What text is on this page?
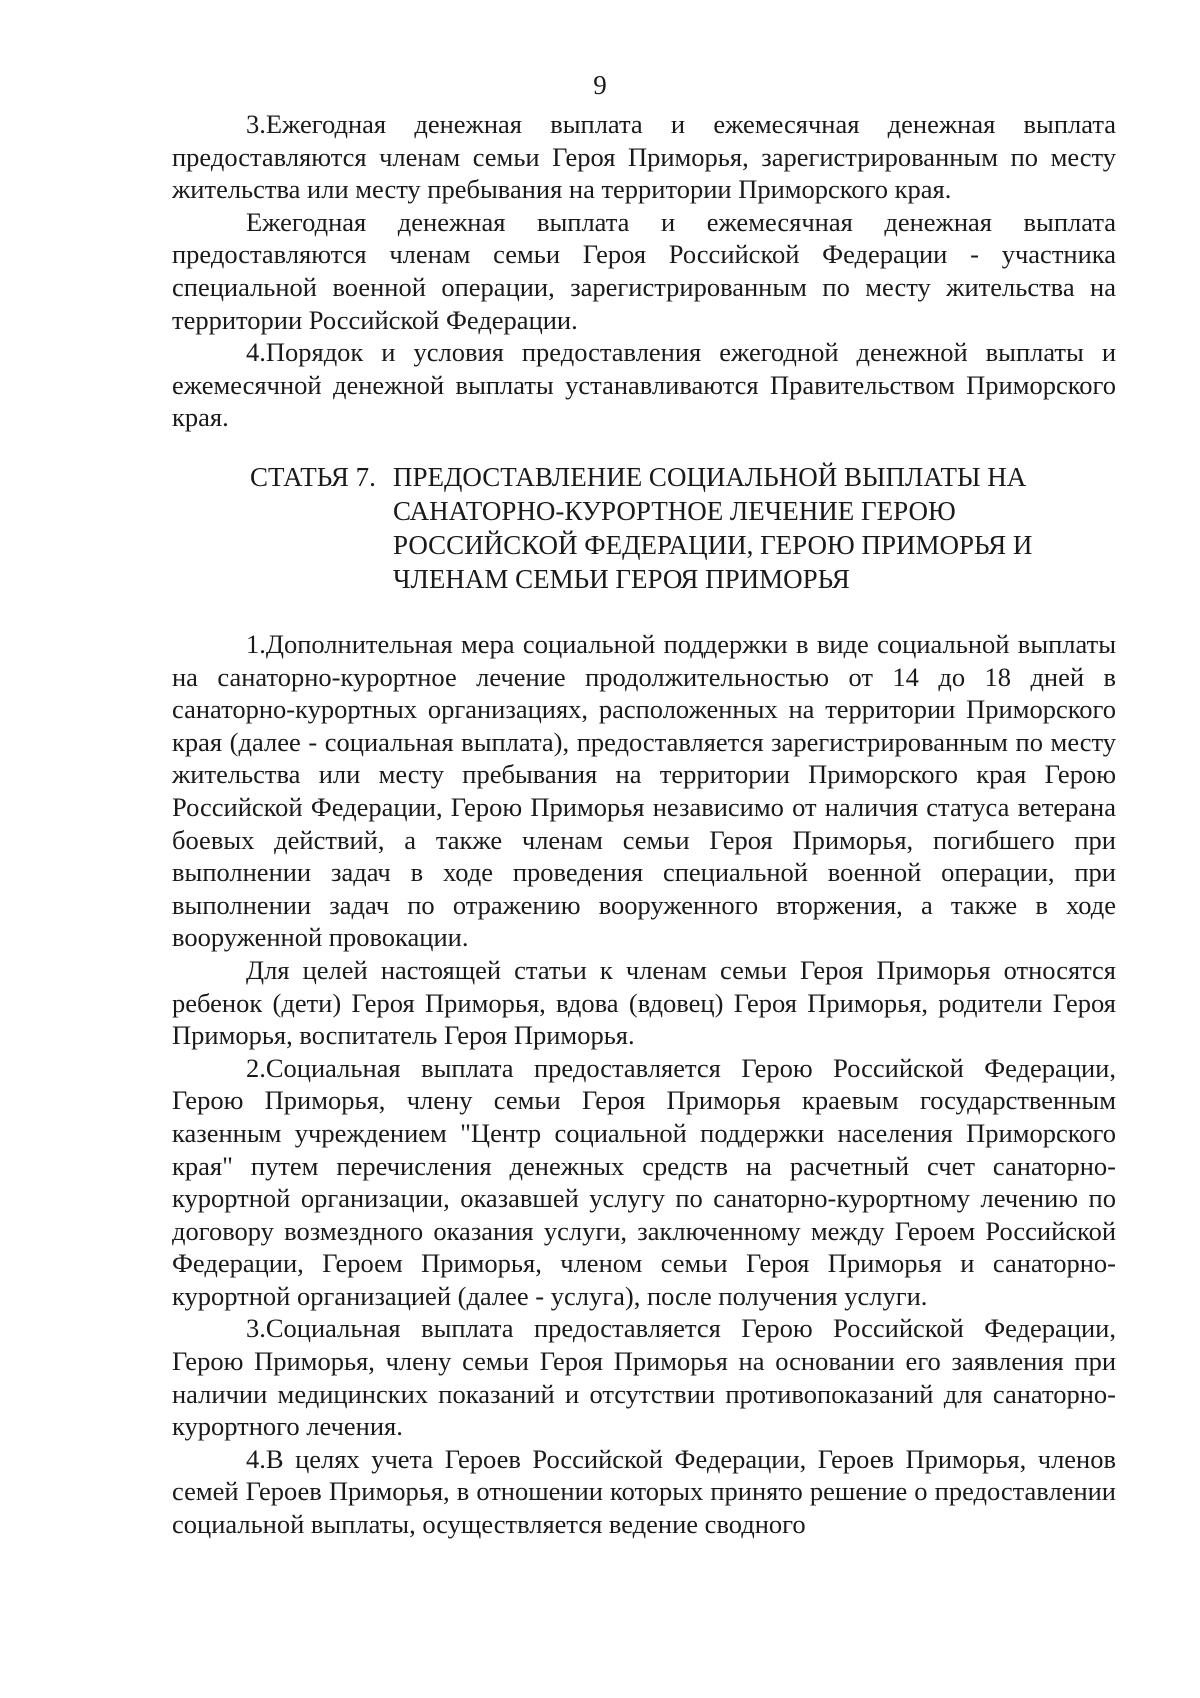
9

3.Ежегодная денежная выплата и ежемесячная денежная выплата предоставляются членам семьи Героя Приморья, зарегистрированным по месту жительства или месту пребывания на территории Приморского края.

Ежегодная денежная выплата и ежемесячная денежная выплата предоставляются членам семьи Героя Российской Федерации - участника специальной военной операции, зарегистрированным по месту жительства на территории Российской Федерации.

4.Порядок и условия предоставления ежегодной денежной выплаты и ежемесячной денежной выплаты устанавливаются Правительством Приморского края.

СТАТЬЯ 7. ПРЕДОСТАВЛЕНИЕ СОЦИАЛЬНОЙ ВЫПЛАТЫ НА
САНАТОРНО-КУРОРТНОЕ ЛЕЧЕНИЕ ГЕРОЮ
РОССИЙСКОЙ ФЕДЕРАЦИИ, ГЕРОЮ ПРИМОРЬЯ И
ЧЛЕНАМ СЕМЬИ ГЕРОЯ ПРИМОРЬЯ

1.Дополнительная мера социальной поддержки в виде социальной выплаты на санаторно-курортное лечение продолжительностью от 14 до 18 дней в санаторно-курортных организациях, расположенных на территории Приморского края (далее - социальная выплата), предоставляется зарегистрированным по месту жительства или месту пребывания на территории Приморского края Герою Российской Федерации, Герою Приморья независимо от наличия статуса ветерана боевых действий, а также членам семьи Героя Приморья, погибшего при выполнении задач в ходе проведения специальной военной операции, при выполнении задач по отражению вооруженного вторжения, а также в ходе вооруженной провокации.

Для целей настоящей статьи к членам семьи Героя Приморья относятся ребенок (дети) Героя Приморья, вдова (вдовец) Героя Приморья, родители Героя Приморья, воспитатель Героя Приморья.

2.Социальная выплата предоставляется Герою Российской Федерации, Герою Приморья, члену семьи Героя Приморья краевым государственным казенным учреждением "Центр социальной поддержки населения Приморского края" путем перечисления денежных средств на расчетный счет санаторно-курортной организации, оказавшей услугу по санаторно-курортному лечению по договору возмездного оказания услуги, заключенному между Героем Российской Федерации, Героем Приморья, членом семьи Героя Приморья и санаторно-курортной организацией (далее - услуга), после получения услуги.

3.Социальная выплата предоставляется Герою Российской Федерации, Герою Приморья, члену семьи Героя Приморья на основании его заявления при наличии медицинских показаний и отсутствии противопоказаний для санаторно-курортного лечения.

4.В целях учета Героев Российской Федерации, Героев Приморья, членов семей Героев Приморья, в отношении которых принято решение о предоставлении социальной выплаты, осуществляется ведение сводного
